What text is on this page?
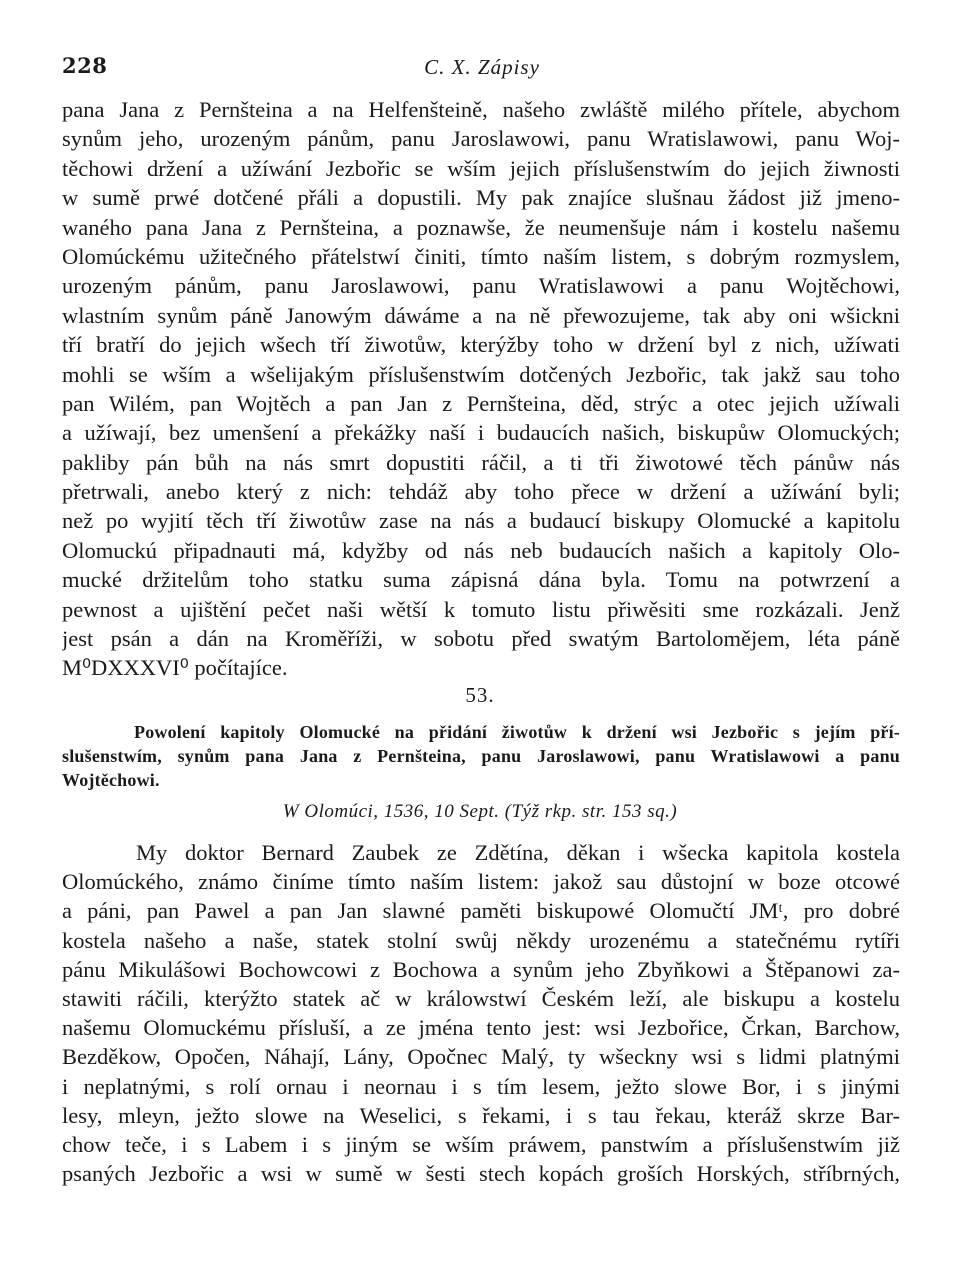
228	C. X. Zápisy
pana Jana z Pernšteina a na Helfenšteině, našeho zwláště milého přítele, abychom
synům jeho, urozeným pánům, panu Jaroslawowi, panu Wratislawowi, panu Woj-
těchowi držení a užíwání Jezbořic se wším jejich příslušenstwím do jejich žiwnosti
w sumě prwé dotčené přáli a dopustili. My pak znajíce slušnau žádost již jmeno-
waného pana Jana z Pernšteina, a poznawše, že neumenšuje nám i kostelu našemu
Olomúckému užitečného přátelstwí činiti, tímto naším listem, s dobrým rozmyslem,
urozeným pánům, panu Jaroslawowi, panu Wratislawowi a panu Wojtěchowi,
wlastním synům páně Janowým dáwáme a na ně přewozujeme, tak aby oni wšickni
tří bratří do jejich wšech tří žiwotůw, kterýžby toho w držení byl z nich, užíwati
mohli se wším a wšelijakým příslušenstwím dotčených Jezbořic, tak jakž sau toho
pan Wilém, pan Wojtěch a pan Jan z Pernšteina, děd, strýc a otec jejich užíwali
a užíwají, bez umenšení a překážky naší i budaucích našich, biskupůw Olomuckých;
pakliby pán bůh na nás smrt dopustiti ráčil, a ti tři žiwotowé těch pánůw nás
přetrwali, anebo který z nich: tehdáž aby toho přece w držení a užíwání byli;
než po wyjití těch tří žiwotůw zase na nás a budaucí biskupy Olomucké a kapitolu
Olomuckú připadnauti má, kdyžby od nás neb budaucích našich a kapitoly Olo-
mucké držitelům toho statku suma zápisná dána byla. Tomu na potwrzení a
pewnost a ujištění pečet naši wětší k tomuto listu přiwěsiti sme rozkázali. Jenž
jest psán a dán na Kroměříži, w sobotu před swatým Bartolomějem, léta páně
M⁰DXXXVI⁰ počítajíce.
53.
Powolení kapitoly Olomucké na přidání žiwotůw k držení wsi Jezbořic s jejím pří-
slušenstwím, synům pana Jana z Pernšteina, panu Jaroslawowi, panu Wratislawowi a panu
Wojtěchowi.
W Olomúci, 1536, 10 Sept. (Týž rkp. str. 153 sq.)
My doktor Bernard Zaubek ze Zdětína, děkan i wšecka kapitola kostela
Olomúckého, známo činíme tímto naším listem: jakož sau důstojní w boze otcowé
a páni, pan Pawel a pan Jan slawné paměti biskupowé Olomučtí JMᵗ, pro dobré
kostela našeho a naše, statek stolní swůj někdy urozenému a statečnému rytíři
pánu Mikulášowi Bochowcowi z Bochowa a synům jeho Zbyňkowi a Štěpanowi za-
stawiti ráčili, kterýžto statek ač w králowstwí Českém leží, ale biskupu a kostelu
našemu Olomuckému přísluší, a ze jména tento jest: wsi Jezbořice, Črkan, Barchow,
Bezděkow, Opočen, Náhají, Lány, Opočnec Malý, ty wšeckny wsi s lidmi platnými
i neplatnými, s rolí ornau i neornau i s tím lesem, ježto slowe Bor, i s jinými
lesy, mleyn, ježto slowe na Weselici, s řekami, i s tau řekau, kteráž skrze Bar-
chow teče, i s Labem i s jiným se wším práwem, panstwím a příslušenstwím již
psaných Jezbořic a wsi w sumě w šesti stech kopách groších Horských, stříbrných,
